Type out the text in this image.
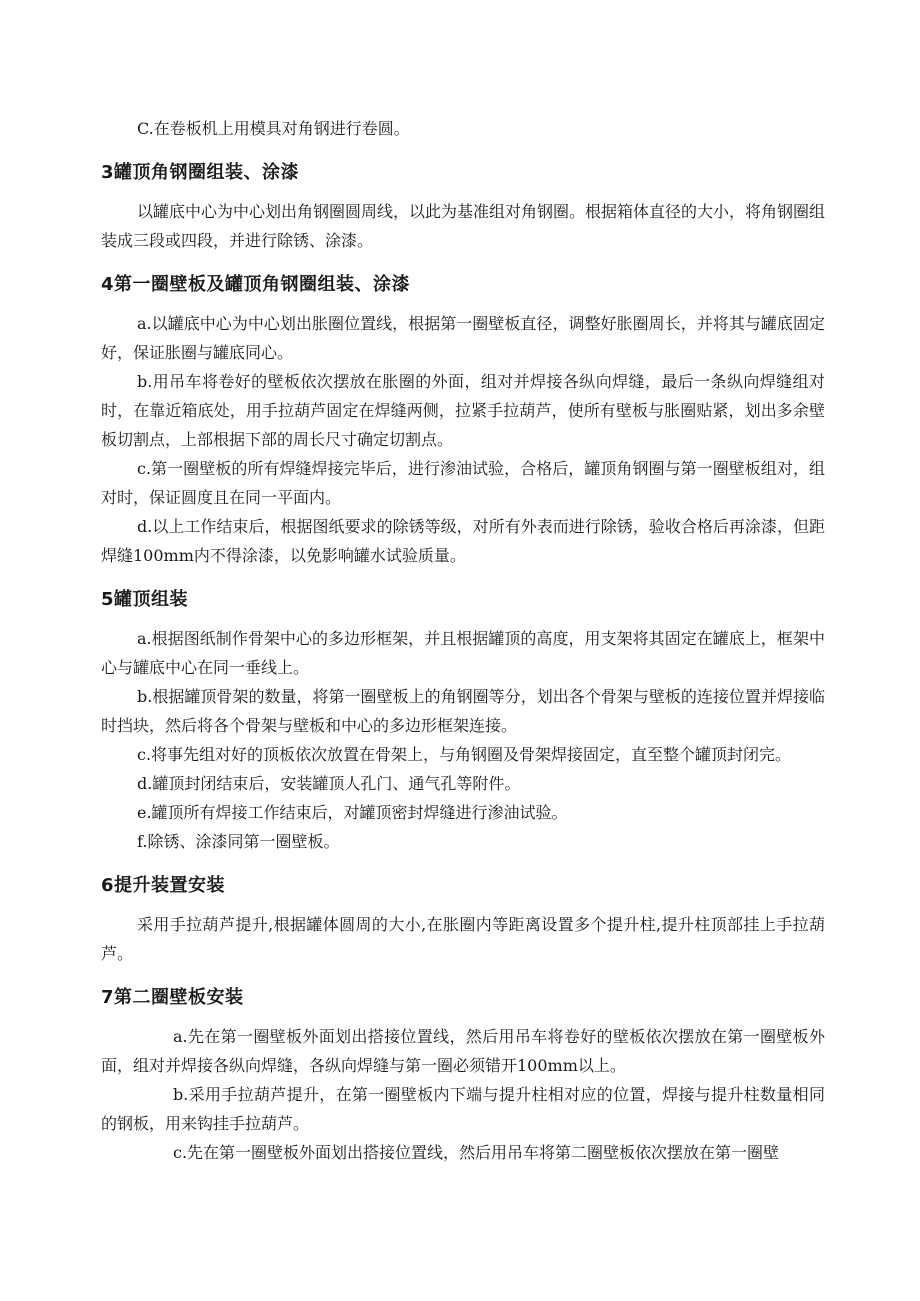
C.在卷板机上用模具对角钢进行卷圆。

3罐顶角钢圈组装、涂漆

以罐底中心为中心划出角钢圈圆周线，以此为基准组对角钢圈。根据箱体直径的大小，将角钢圈组装成三段或四段，并进行除锈、涂漆。

4第一圈壁板及罐顶角钢圈组装、涂漆

a.以罐底中心为中心划出胀圈位置线，根据第一圈壁板直径，调整好胀圈周长，并将其与罐底固定好，保证胀圈与罐底同心。

b.用吊车将卷好的壁板依次摆放在胀圈的外面，组对并焊接各纵向焊缝，最后一条纵向焊缝组对时，在靠近箱底处，用手拉葫芦固定在焊缝两侧，拉紧手拉葫芦，使所有壁板与胀圈贴紧，划出多余壁板切割点，上部根据下部的周长尺寸确定切割点。

c.第一圈壁板的所有焊缝焊接完毕后，进行渗油试验，合格后，罐顶角钢圈与第一圈壁板组对，组对时，保证圆度且在同一平面内。

d.以上工作结束后，根据图纸要求的除锈等级，对所有外表而进行除锈，验收合格后再涂漆，但距焊缝100mm内不得涂漆，以免影响罐水试验质量。

5罐顶组装

a.根据图纸制作骨架中心的多边形框架，并且根据罐顶的高度，用支架将其固定在罐底上，框架中心与罐底中心在同一垂线上。

b.根据罐顶骨架的数量，将第一圈壁板上的角钢圈等分，划出各个骨架与壁板的连接位置并焊接临时挡块，然后将各个骨架与壁板和中心的多边形框架连接。

c.将事先组对好的顶板依次放置在骨架上，与角钢圈及骨架焊接固定，直至整个罐顶封闭完。

d.罐顶封闭结束后，安装罐顶人孔门、通气孔等附件。

e.罐顶所有焊接工作结束后，对罐顶密封焊缝进行渗油试验。

f.除锈、涂漆同第一圈壁板。

6提升装置安装

采用手拉葫芦提升,根据罐体圆周的大小,在胀圈内等距离设置多个提升柱,提升柱顶部挂上手拉葫芦。

7第二圈壁板安装

a.先在第一圈壁板外面划出搭接位置线，然后用吊车将卷好的壁板依次摆放在第一圈壁板外面，组对并焊接各纵向焊缝，各纵向焊缝与第一圈必须错开100mm以上。

b.采用手拉葫芦提升，在第一圈壁板内下端与提升柱相对应的位置，焊接与提升柱数量相同的钢板，用来钩挂手拉葫芦。

c.先在第一圈壁板外面划出搭接位置线，然后用吊车将第二圈壁板依次摆放在第一圈壁
